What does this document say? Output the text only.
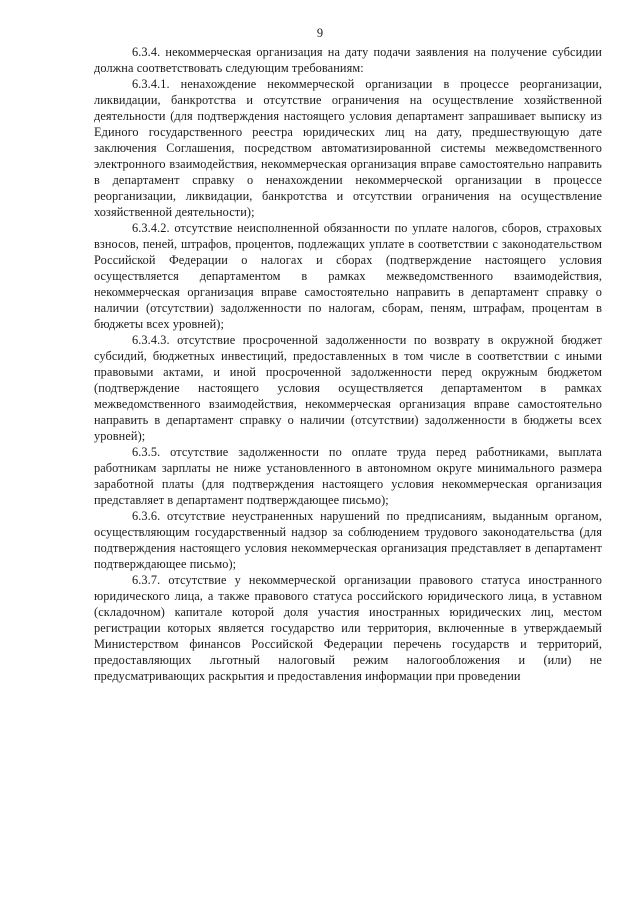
9

6.3.4. некоммерческая организация на дату подачи заявления на получение субсидии должна соответствовать следующим требованиям:

6.3.4.1. ненахождение некоммерческой организации в процессе реорганизации, ликвидации, банкротства и отсутствие ограничения на осуществление хозяйственной деятельности (для подтверждения настоящего условия департамент запрашивает выписку из Единого государственного реестра юридических лиц на дату, предшествующую дате заключения Соглашения, посредством автоматизированной системы межведомственного электронного взаимодействия, некоммерческая организация вправе самостоятельно направить в департамент справку о ненахождении некоммерческой организации в процессе реорганизации, ликвидации, банкротства и отсутствии ограничения на осуществление хозяйственной деятельности);

6.3.4.2. отсутствие неисполненной обязанности по уплате налогов, сборов, страховых взносов, пеней, штрафов, процентов, подлежащих уплате в соответствии с законодательством Российской Федерации о налогах и сборах (подтверждение настоящего условия осуществляется департаментом в рамках межведомственного взаимодействия, некоммерческая организация вправе самостоятельно направить в департамент справку о наличии (отсутствии) задолженности по налогам, сборам, пеням, штрафам, процентам в бюджеты всех уровней);

6.3.4.3. отсутствие просроченной задолженности по возврату в окружной бюджет субсидий, бюджетных инвестиций, предоставленных в том числе в соответствии с иными правовыми актами, и иной просроченной задолженности перед окружным бюджетом (подтверждение настоящего условия осуществляется департаментом в рамках межведомственного взаимодействия, некоммерческая организация вправе самостоятельно направить в департамент справку о наличии (отсутствии) задолженности в бюджеты всех уровней);

6.3.5. отсутствие задолженности по оплате труда перед работниками, выплата работникам зарплаты не ниже установленного в автономном округе минимального размера заработной платы (для подтверждения настоящего условия некоммерческая организация представляет в департамент подтверждающее письмо);

6.3.6. отсутствие неустраненных нарушений по предписаниям, выданным органом, осуществляющим государственный надзор за соблюдением трудового законодательства (для подтверждения настоящего условия некоммерческая организация представляет в департамент подтверждающее письмо);

6.3.7. отсутствие у некоммерческой организации правового статуса иностранного юридического лица, а также правового статуса российского юридического лица, в уставном (складочном) капитале которой доля участия иностранных юридических лиц, местом регистрации которых является государство или территория, включенные в утверждаемый Министерством финансов Российской Федерации перечень государств и территорий, предоставляющих льготный налоговый режим налогообложения и (или) не предусматривающих раскрытия и предоставления информации при проведении
